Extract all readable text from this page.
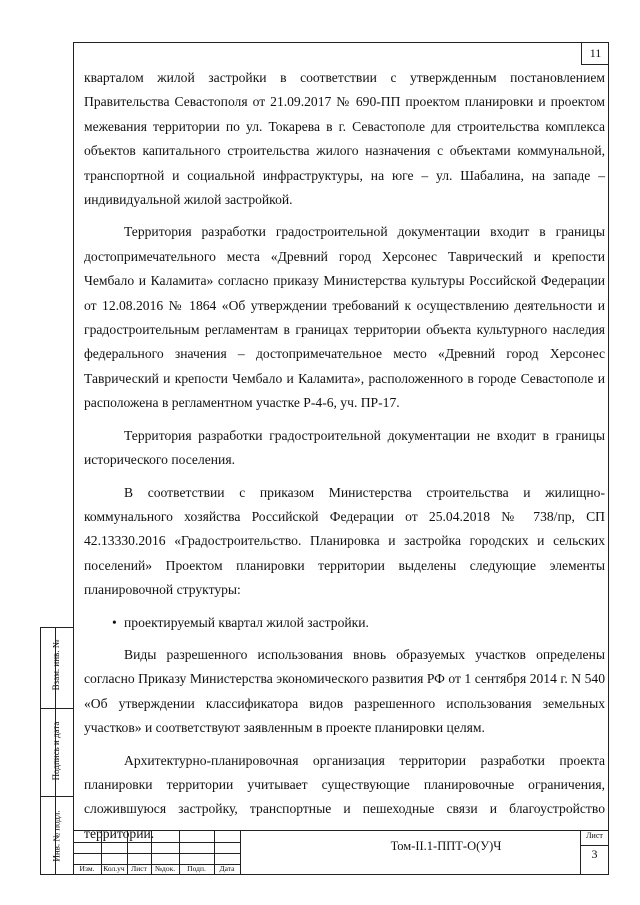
11

кварталом жилой застройки в соответствии с утвержденным постановлением Правительства Севастополя от 21.09.2017 № 690-ПП проектом планировки и проектом межевания территории по ул. Токарева в г. Севастополе для строительства комплекса объектов капитального строительства жилого назначения с объектами коммунальной, транспортной и социальной инфраструктуры, на юге – ул. Шабалина, на западе – индивидуальной жилой застройкой.

Территория разработки градостроительной документации входит в границы достопримечательного места «Древний город Херсонес Таврический и крепости Чембало и Каламита» согласно приказу Министерства культуры Российской Федерации от 12.08.2016 № 1864 «Об утверждении требований к осуществлению деятельности и градостроительным регламентам в границах территории объекта культурного наследия федерального значения – достопримечательное место «Древний город Херсонес Таврический и крепости Чембало и Каламита», расположенного в городе Севастополе и расположена в регламентном участке Р-4-6, уч. ПР-17.

Территория разработки градостроительной документации не входит в границы исторического поселения.

В соответствии с приказом Министерства строительства и жилищно-коммунального хозяйства Российской Федерации от 25.04.2018 № 738/пр, СП 42.13330.2016 «Градостроительство. Планировка и застройка городских и сельских поселений» Проектом планировки территории выделены следующие элементы планировочной структуры:

• проектируемый квартал жилой застройки.

Виды разрешенного использования вновь образуемых участков определены согласно Приказу Министерства экономического развития РФ от 1 сентября 2014 г. N 540 «Об утверждении классификатора видов разрешенного использования земельных участков» и соответствуют заявленным в проекте планировки целям.

Архитектурно-планировочная организация территории разработки проекта планировки территории учитывает существующие планировочные ограничения, сложившуюся застройку, транспортные и пешеходные связи и благоустройство территории.

Взам. инв. №
Подпись и дата
Инв. № подл.
Изм.	Кол.уч Лист	№док.	Подп.	Дата
Том-II.1-ППТ-О(У)Ч
Лист
3
